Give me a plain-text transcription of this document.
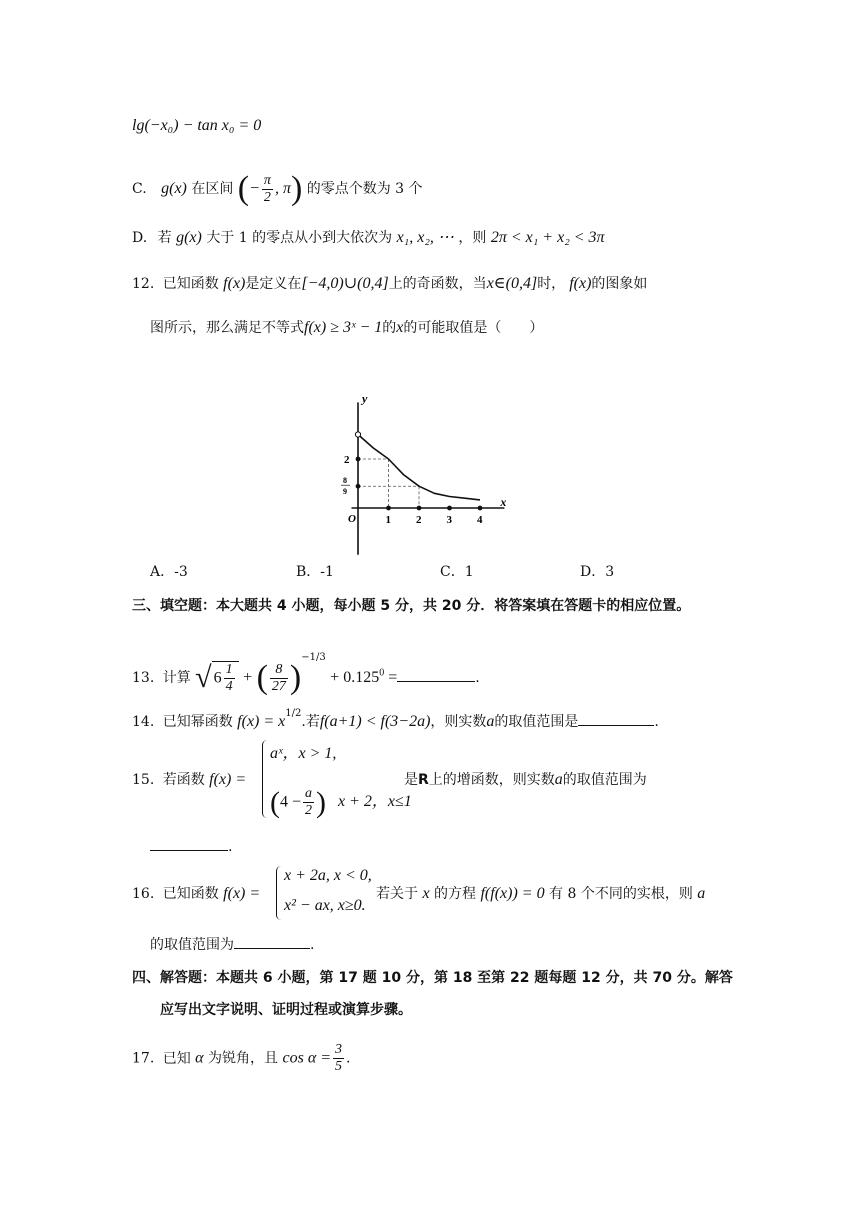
lg(−x₀) − tan x₀ = 0
C. g(x) 在区间 (− $\frac{\pi}{2}$ , π) 的零点个数为 3 个
D. 若 g(x) 大于 1 的零点从小到大依次为 x₁, x₂, ⋯ ，则 2π < x₁ + x₂ < 3π
12. 已知函数 f(x)是定义在[−4,0)∪(0,4]上的奇函数，当x∈(0,4]时， f(x)的图象如
图所示，那么满足不等式f(x) ≥ 3ˣ − 1的x的可能取值是（　　）
x
y
O	1 2 3 4
2
8
9
A．-3	B．-1	C．1	D．3
三、填空题：本大题共 4 小题，每小题 5 分，共 20 分．将答案填在答题卡的相应位置。
13. 计算 √ $6 \frac{1}{4}$ + ( $\frac{8}{27} )^{-1/3} + 0.125^0$ =	.
14. 已知幂函数 $f(x) = x^{1/2}$.若f(a+1) < f(3−2a)，则实数a的取值范围是	.
15. 若函数 f(x) =
aˣ，x > 1,
($4 - \frac{a}{2}$ ) x + 2，x≤1
是R上的增函数，则实数a的取值范围为
.
16. 已知函数 f(x) =
x + 2a, x < 0,
x² − ax, x≥0.
若关于 x 的方程 f(f(x)) = 0 有 8 个不同的实根，则 a
的取值范围为	.
四、解答题：本题共 6 小题，第 17 题 10 分，第 18 至第 22 题每题 12 分，共 70 分。解答
应写出文字说明、证明过程或演算步骤。
17. 已知 α 为锐角，且 $\cos \alpha = \frac{3}{5}$ .
